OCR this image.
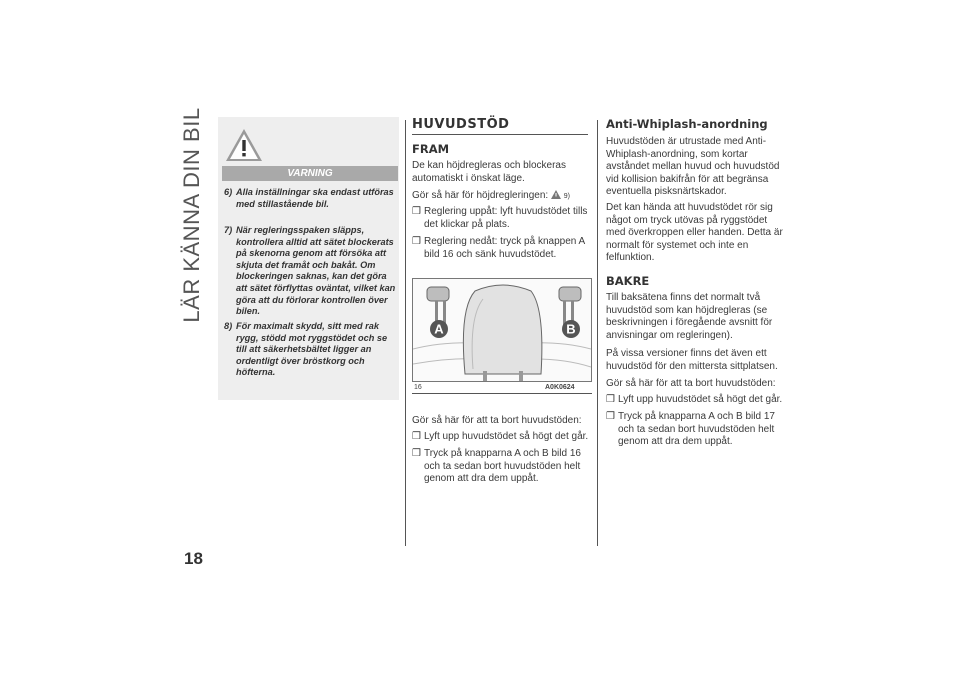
LÄR KÄNNA DIN BIL
18
VARNING
6) Alla inställningar ska endast utföras med stillastående bil.
7) När regleringsspaken släpps, kontrollera alltid att sätet blockerats på skenorna genom att försöka att skjuta det framåt och bakåt. Om blockeringen saknas, kan det göra att sätet förflyttas oväntat, vilket kan göra att du förlorar kontrollen över bilen.
8) För maximalt skydd, sitt med rak rygg, stödd mot ryggstödet och se till att säkerhetsbältet ligger an ordentligt över bröstkorg och höfterna.
HUVUDSTÖD
FRAM
De kan höjdregleras och blockeras automatiskt i önskat läge.
Gör så här för höjdregleringen: 9)
❒ Reglering uppåt: lyft huvudstödet tills det klickar på plats.
❒ Reglering nedåt: tryck på knappen A bild 16 och sänk huvudstödet.
A	B
16	A0K0624
Gör så här för att ta bort huvudstöden:
❒ Lyft upp huvudstödet så högt det går.
❒ Tryck på knapparna A och B bild 16 och ta sedan bort huvudstöden helt genom att dra dem uppåt.
Anti-Whiplash-anordning
Huvudstöden är utrustade med Anti-Whiplash-anordning, som kortar avståndet mellan huvud och huvudstöd vid kollision bakifrån för att begränsa eventuella pisksnärtskador.
Det kan hända att huvudstödet rör sig något om tryck utövas på ryggstödet med överkroppen eller handen. Detta är normalt för systemet och inte en felfunktion.
BAKRE
Till baksätena finns det normalt två huvudstöd som kan höjdregleras (se beskrivningen i föregående avsnitt för anvisningar om regleringen).
På vissa versioner finns det även ett huvudstöd för den mittersta sittplatsen.
Gör så här för att ta bort huvudstöden:
❒ Lyft upp huvudstödet så högt det går.
❒ Tryck på knapparna A och B bild 17 och ta sedan bort huvudstöden helt genom att dra dem uppåt.
